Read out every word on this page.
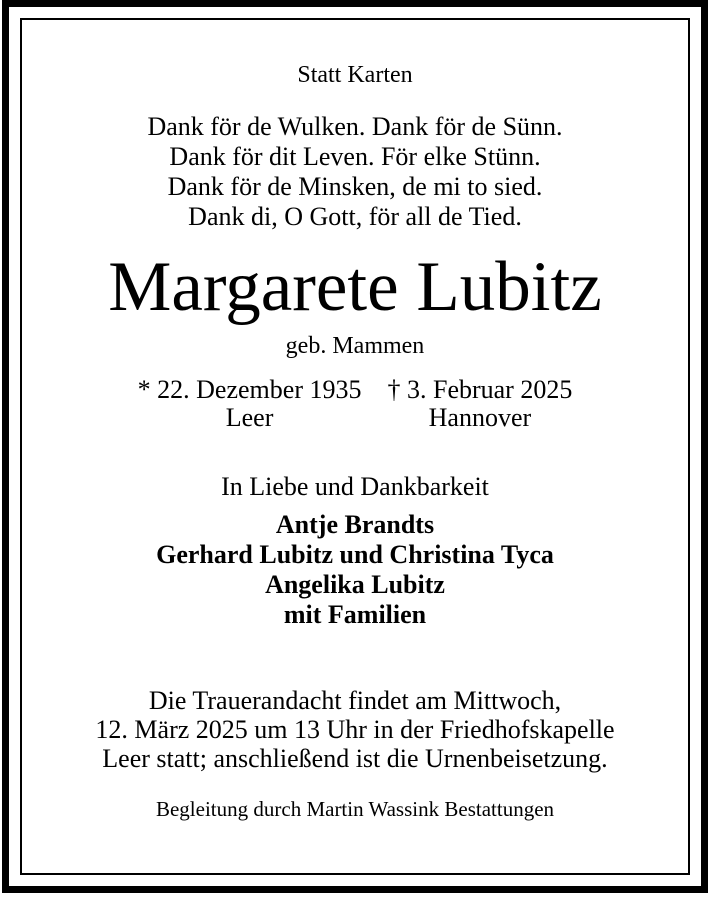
Statt Karten
Dank för de Wulken. Dank för de Sünn.
Dank för dit Leven. För elke Stünn.
Dank för de Minsken, de mi to sied.
Dank di, O Gott, för all de Tied.
Margarete Lubitz
geb. Mammen
* 22. Dezember 1935
Leer
† 3. Februar 2025
Hannover
In Liebe und Dankbarkeit
Antje Brandts
Gerhard Lubitz und Christina Tyca
Angelika Lubitz
mit Familien
Die Trauerandacht findet am Mittwoch,
12. März 2025 um 13 Uhr in der Friedhofskapelle
Leer statt; anschließend ist die Urnenbeisetzung.
Begleitung durch Martin Wassink Bestattungen
